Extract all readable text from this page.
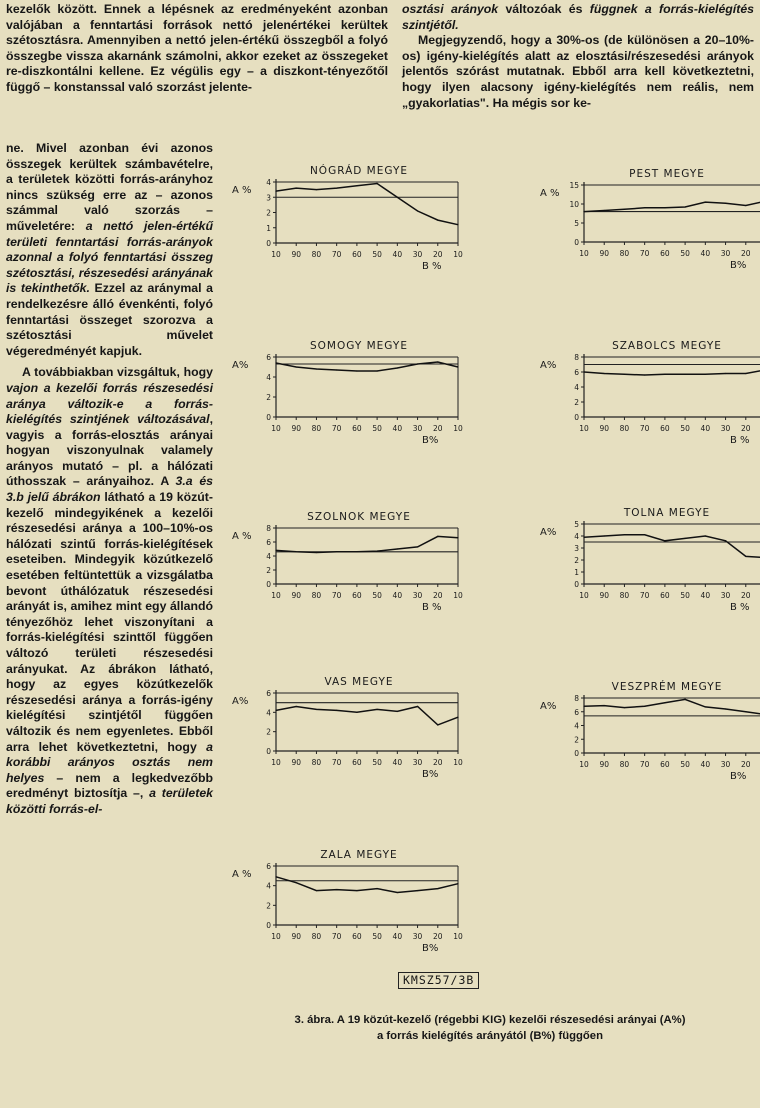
kezelők között. Ennek a lépésnek az eredményeként azonban valójában a fenntartási források nettó jelenértékei kerültek szétosztásra. Amennyiben a nettó jelen-értékű összegből a folyó összegbe vissza akarnánk számolni, akkor ezeket az összegeket re-diszkontálni kellene. Ez végülis egy – a diszkont-tényezőtől függő – konstanssal való szorzást jelente-

osztási arányok változóak és függnek a forrás-kielégítés szintjétől.

Megjegyzendő, hogy a 30%-os (de különösen a 20–10%-os) igény-kielégítés alatt az elosztási/részesedési arányok jelentős szórást mutatnak. Ebből arra kell következtetni, hogy ilyen alacsony igény-kielégítés nem reális, nem „gyakorlatias". Ha mégis sor ke-

ne. Mivel azonban évi azonos összegek kerültek számbavételre, a területek közötti forrás-arányhoz nincs szükség erre az – azonos számmal való szorzás – műveletére: a nettó jelen-értékű területi fenntartási forrás-arányok azonnal a folyó fenntartási összeg szétosztási, részesedési arányának is tekinthetők. Ezzel az aránymal a rendelkezésre álló évenkénti, folyó fenntartási összeget szorozva a szétosztási művelet végeredményét kapjuk.

A továbbiakban vizsgáltuk, hogy vajon a kezelői forrás részesedési aránya változik-e a forrás-kielégítés szintjének változásával, vagyis a forrás-elosztás arányai hogyan viszonyulnak valamely arányos mutató – pl. a hálózati úthosszak – arányaihoz. A 3.a és 3.b jelű ábrákon látható a 19 közút-kezelő mindegyikének a kezelői részesedési aránya a 100–10%-os hálózati szintű forrás-kielégítések eseteiben. Mindegyik közútkezelő esetében feltüntettük a vizsgálatba bevont úthálózatuk részesedési arányát is, amihez mint egy állandó tényezőhöz lehet viszonyítani a forrás-kielégítési szinttől függően változó területi részesedési arányukat. Az ábrákon látható, hogy az egyes közútkezelők részesedési aránya a forrás-igény kielégítési szintjétől függően változik és nem egyenletes. Ebből arra lehet következtetni, hogy a korábbi arányos osztás nem helyes – nem a legkedvezőbb eredményt biztosítja –, a területek közötti forrás-el-

0
1
2
3
4
10 90 80 70 60 50 40 30 20 10
NÓGRÁD MEGYE
A %
B %
0
5
10
15
10 90 80 70 60 50 40 30 20
PEST MEGYE
A %
B%
0
2
4
6
10 90 80 70 60 50 40 30 20 10
SOMOGY MEGYE
A%
B%
0
2
4
6
8
10 90 80 70 60 50 40 30 20
SZABOLCS MEGYE
A%
B %
0
2
4
6
8
10 90 80 70 60 50 40 30 20 10
SZOLNOK MEGYE
A %
B %
0
1
2
3
4
5
10 90 80 70 60 50 40 30 20
TOLNA MEGYE
A%
B %
0
2
4
6
10 90 80 70 60 50 40 30 20 10
VAS MEGYE
A%
B%
0
2
4
6
8
10 90 80 70 60 50 40 30 20
VESZPRÉM MEGYE
A%
B%
0
2
4
6
10 90 80 70 60 50 40 30 20 10
ZALA MEGYE
A %
B%
KMSZ57/3B
3. ábra. A 19 közút-kezelő (régebbi KIG) kezelői részesedési arányai (A%)
a forrás kielégítés arányától (B%) függően
